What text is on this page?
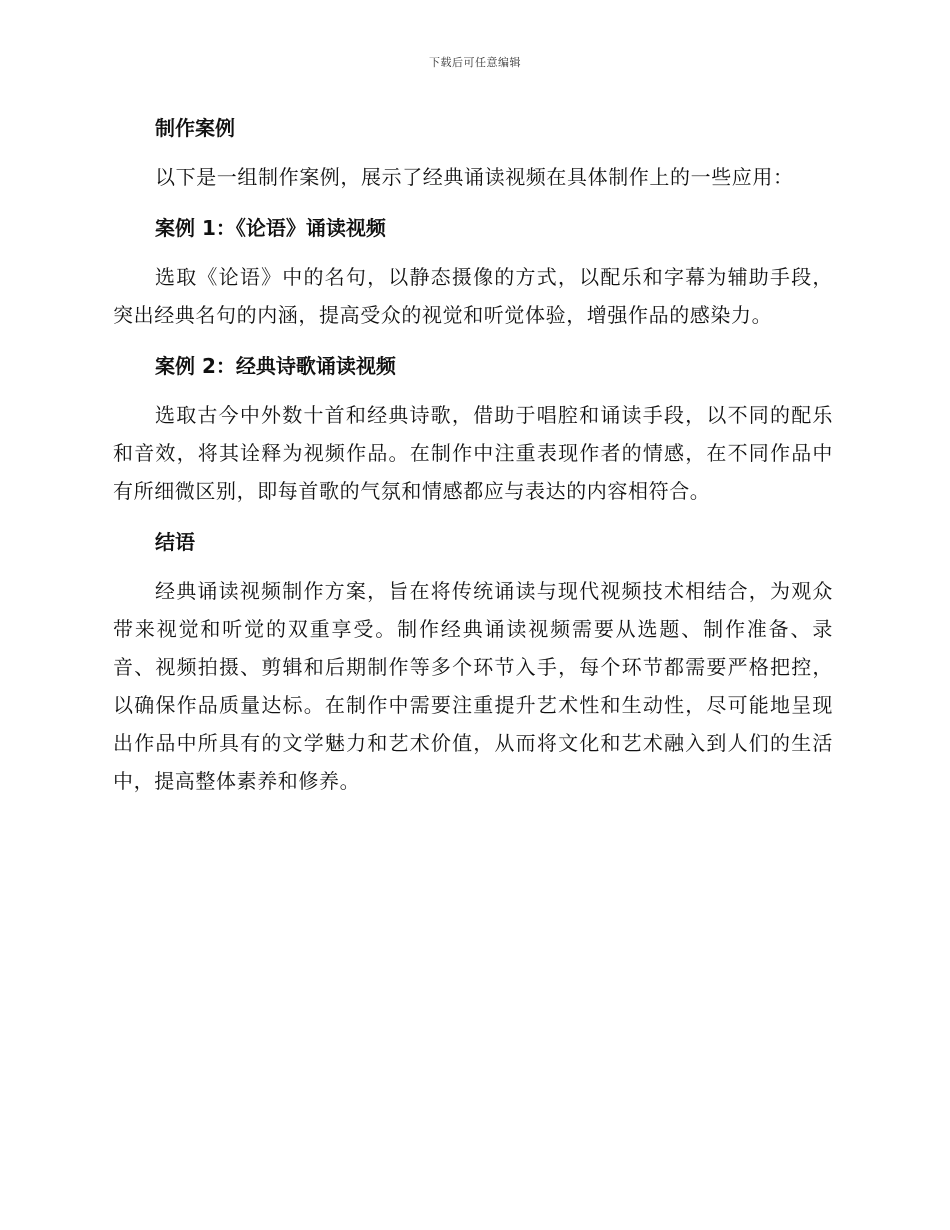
下载后可任意编辑
制作案例

以下是一组制作案例，展示了经典诵读视频在具体制作上的一些应用：

案例 1：《论语》诵读视频

选取《论语》中的名句，以静态摄像的方式，以配乐和字幕为辅助手段，突出经典名句的内涵，提高受众的视觉和听觉体验，增强作品的感染力。

案例 2：经典诗歌诵读视频

选取古今中外数十首和经典诗歌，借助于唱腔和诵读手段，以不同的配乐和音效，将其诠释为视频作品。在制作中注重表现作者的情感，在不同作品中有所细微区别，即每首歌的气氛和情感都应与表达的内容相符合。

结语

经典诵读视频制作方案，旨在将传统诵读与现代视频技术相结合，为观众带来视觉和听觉的双重享受。制作经典诵读视频需要从选题、制作准备、录音、视频拍摄、剪辑和后期制作等多个环节入手，每个环节都需要严格把控，以确保作品质量达标。在制作中需要注重提升艺术性和生动性，尽可能地呈现出作品中所具有的文学魅力和艺术价值，从而将文化和艺术融入到人们的生活中，提高整体素养和修养。
